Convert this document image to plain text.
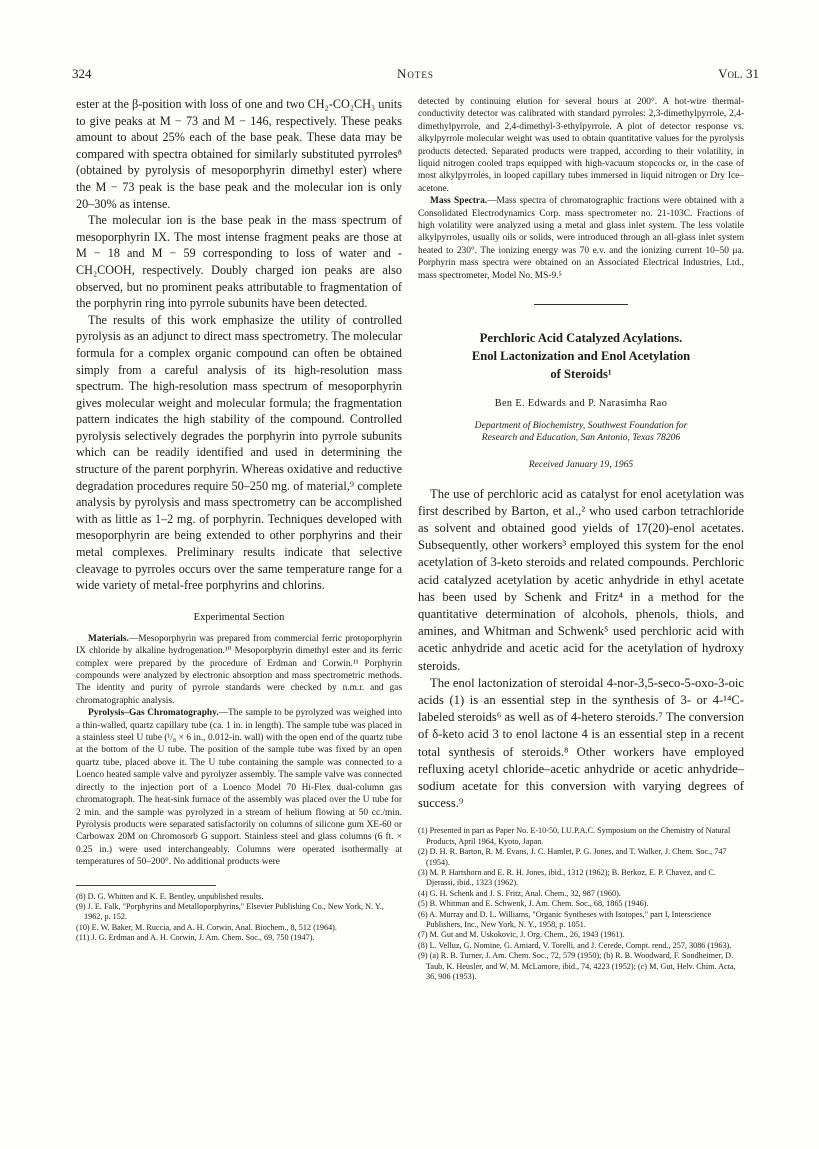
324	Notes	Vol. 31

ester at the β-position with loss of one and two CH₂-CO₂CH₃ units to give peaks at M − 73 and M − 146, respectively. These peaks amount to about 25% each of the base peak. These data may be compared with spectra obtained for similarly substituted pyrroles⁸ (obtained by pyrolysis of mesoporphyrin dimethyl ester) where the M − 73 peak is the base peak and the molecular ion is only 20–30% as intense.

The molecular ion is the base peak in the mass spectrum of mesoporphyrin IX. The most intense fragment peaks are those at M − 18 and M − 59 corresponding to loss of water and -CH₂COOH, respectively. Doubly charged ion peaks are also observed, but no prominent peaks attributable to fragmentation of the porphyrin ring into pyrrole subunits have been detected.

The results of this work emphasize the utility of controlled pyrolysis as an adjunct to direct mass spectrometry. The molecular formula for a complex organic compound can often be obtained simply from a careful analysis of its high-resolution mass spectrum. The high-resolution mass spectrum of mesoporphyrin gives molecular weight and molecular formula; the fragmentation pattern indicates the high stability of the compound. Controlled pyrolysis selectively degrades the porphyrin into pyrrole subunits which can be readily identified and used in determining the structure of the parent porphyrin. Whereas oxidative and reductive degradation procedures require 50–250 mg. of material,⁹ complete analysis by pyrolysis and mass spectrometry can be accomplished with as little as 1–2 mg. of porphyrin. Techniques developed with mesoporphyrin are being extended to other porphyrins and their metal complexes. Preliminary results indicate that selective cleavage to pyrroles occurs over the same temperature range for a wide variety of metal-free porphyrins and chlorins.

Experimental Section

Materials.—Mesoporphyrin was prepared from commercial ferric protoporphyrin IX chloride by alkaline hydrogenation.¹⁰ Mesoporphyrin dimethyl ester and its ferric complex were prepared by the procedure of Erdman and Corwin.¹¹ Porphyrin compounds were analyzed by electronic absorption and mass spectrometric methods. The identity and purity of pyrrole standards were checked by n.m.r. and gas chromatographic analysis.

Pyrolysis–Gas Chromatography.—The sample to be pyrolyzed was weighed into a thin-walled, quartz capillary tube (ca. 1 in. in length). The sample tube was placed in a stainless steel U tube (¹/₈ × 6 in., 0.012-in. wall) with the open end of the quartz tube at the bottom of the U tube. The position of the sample tube was fixed by an open quartz tube, placed above it. The U tube containing the sample was connected to a Loenco heated sample valve and pyrolyzer assembly. The sample valve was connected directly to the injection port of a Loenco Model 70 Hi-Flex dual-column gas chromatograph. The heat-sink furnace of the assembly was placed over the U tube for 2 min. and the sample was pyrolyzed in a stream of helium flowing at 50 cc./min. Pyrolysis products were separated satisfactorily on columns of silicone gum XE-60 or Carbowax 20M on Chromosorb G support. Stainless steel and glass columns (6 ft. × 0.25 in.) were used interchangeably. Columns were operated isothermally at temperatures of 50–200°. No additional products were

(8) D. G. Whitten and K. E. Bentley, unpublished results.
(9) J. E. Falk, "Porphyrins and Metalloporphyrins," Elsevier Publishing Co., New York, N. Y., 1962, p. 152.
(10) E. W. Baker, M. Ruccia, and A. H. Corwin, Anal. Biochem., 8, 512 (1964).
(11) J. G. Erdman and A. H. Corwin, J. Am. Chem. Soc., 69, 750 (1947).

detected by continuing elution for several hours at 200°. A hot-wire thermal-conductivity detector was calibrated with standard pyrroles: 2,3-dimethylpyrrole, 2,4-dimethylpyrrole, and 2,4-dimethyl-3-ethylpyrrole. A plot of detector response vs. alkylpyrrole molecular weight was used to obtain quantitative values for the pyrolysis products detected. Separated products were trapped, according to their volatility, in liquid nitrogen cooled traps equipped with high-vacuum stopcocks or, in the case of most alkylpyrroles, in looped capillary tubes immersed in liquid nitrogen or Dry Ice–acetone.

Mass Spectra.—Mass spectra of chromatographic fractions were obtained with a Consolidated Electrodynamics Corp. mass spectrometer no. 21-103C. Fractions of high volatility were analyzed using a metal and glass inlet system. The less volatile alkylpyrroles, usually oils or solids, were introduced through an all-glass inlet system heated to 230°. The ionizing energy was 70 e.v. and the ionizing current 10–50 μa. Porphyrin mass spectra were obtained on an Associated Electrical Industries, Ltd., mass spectrometer, Model No. MS-9.⁵

Perchloric Acid Catalyzed Acylations.
Enol Lactonization and Enol Acetylation
of Steroids¹
Ben E. Edwards and P. Narasimha Rao
Department of Biochemistry, Southwest Foundation for
Research and Education, San Antonio, Texas 78206
Received January 19, 1965

The use of perchloric acid as catalyst for enol acetylation was first described by Barton, et al.,² who used carbon tetrachloride as solvent and obtained good yields of 17(20)-enol acetates. Subsequently, other workers³ employed this system for the enol acetylation of 3-keto steroids and related compounds. Perchloric acid catalyzed acetylation by acetic anhydride in ethyl acetate has been used by Schenk and Fritz⁴ in a method for the quantitative determination of alcohols, phenols, thiols, and amines, and Whitman and Schwenk⁵ used perchloric acid with acetic anhydride and acetic acid for the acetylation of hydroxy steroids.

The enol lactonization of steroidal 4-nor-3,5-seco-5-oxo-3-oic acids (1) is an essential step in the synthesis of 3- or 4-¹⁴C-labeled steroids⁶ as well as of 4-hetero steroids.⁷ The conversion of δ-keto acid 3 to enol lactone 4 is an essential step in a recent total synthesis of steroids.⁸ Other workers have employed refluxing acetyl chloride–acetic anhydride or acetic anhydride–sodium acetate for this conversion with varying degrees of success.⁹

(1) Presented in part as Paper No. E-10-50, I.U.P.A.C. Symposium on the Chemistry of Natural Products, April 1964, Kyoto, Japan.
(2) D. H. R. Barton, R. M. Evans, J. C. Hamlet, P. G. Jones, and T. Walker, J. Chem. Soc., 747 (1954).
(3) M. P. Hartshorn and E. R. H. Jones, ibid., 1312 (1962); B. Berkoz, E. P. Chavez, and C. Djerassi, ibid., 1323 (1962).
(4) G. H. Schenk and J. S. Fritz, Anal. Chem., 32, 987 (1960).
(5) B. Whitman and E. Schwenk, J. Am. Chem. Soc., 68, 1865 (1946).
(6) A. Murray and D. L. Williams, "Organic Syntheses with Isotopes," part I, Interscience Publishers, Inc., New York, N. Y., 1958, p. 1051.
(7) M. Gut and M. Uskokovic, J. Org. Chem., 26, 1943 (1961).
(8) L. Velluz, G. Nomine, G. Amiard, V. Torelli, and J. Cerede, Compt. rend., 257, 3086 (1963).
(9) (a) R. B. Turner, J. Am. Chem. Soc., 72, 579 (1950); (b) R. B. Woodward, F. Sondheimer, D. Taub, K. Heusler, and W. M. McLamore, ibid., 74, 4223 (1952); (c) M. Gut, Helv. Chim. Acta, 36, 906 (1953).
